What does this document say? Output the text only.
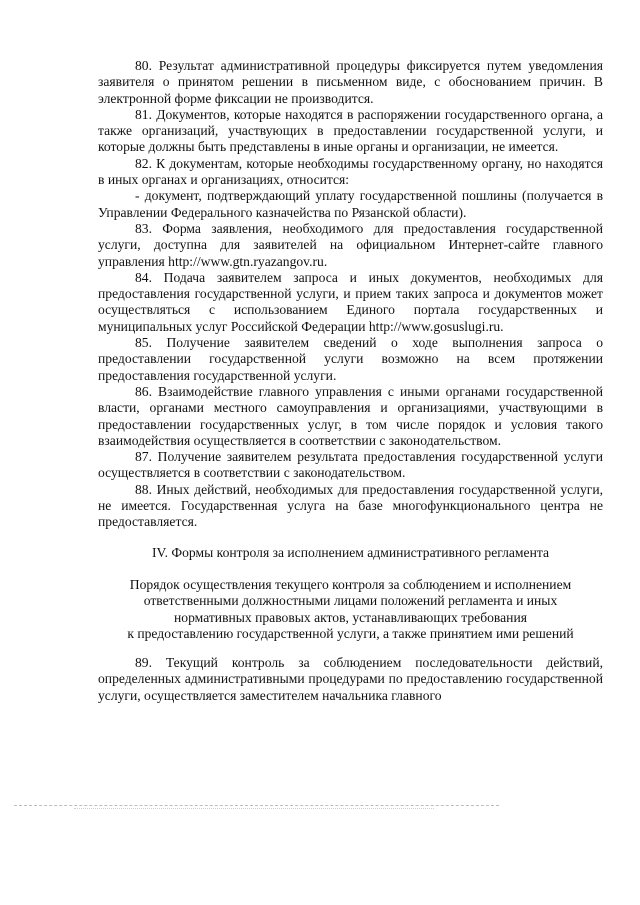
80. Результат административной процедуры фиксируется путем уведомления заявителя о принятом решении в письменном виде, с обоснованием причин. В электронной форме фиксации не производится.

81. Документов, которые находятся в распоряжении государственного органа, а также организаций, участвующих в предоставлении государственной услуги, и которые должны быть представлены в иные органы и организации, не имеется.

82. К документам, которые необходимы государственному органу, но находятся в иных органах и организациях, относится:

- документ, подтверждающий уплату государственной пошлины (получается в Управлении Федерального казначейства по Рязанской области).

83. Форма заявления, необходимого для предоставления государственной услуги, доступна для заявителей на официальном Интернет-сайте главного управления http://www.gtn.ryazangov.ru.

84. Подача заявителем запроса и иных документов, необходимых для предоставления государственной услуги, и прием таких запроса и документов может осуществляться с использованием Единого портала государственных и муниципальных услуг Российской Федерации http://www.gosuslugi.ru.

85. Получение заявителем сведений о ходе выполнения запроса о предоставлении государственной услуги возможно на всем протяжении предоставления государственной услуги.

86. Взаимодействие главного управления с иными органами государственной власти, органами местного самоуправления и организациями, участвующими в предоставлении государственных услуг, в том числе порядок и условия такого взаимодействия осуществляется в соответствии с законодательством.

87. Получение заявителем результата предоставления государственной услуги осуществляется в соответствии с законодательством.

88. Иных действий, необходимых для предоставления государственной услуги, не имеется. Государственная услуга на базе многофункционального центра не предоставляется.

IV. Формы контроля за исполнением административного регламента

Порядок осуществления текущего контроля за соблюдением и исполнением
ответственными должностными лицами положений регламента и иных
нормативных правовых актов, устанавливающих требования
к предоставлению государственной услуги, а также принятием ими решений

89. Текущий контроль за соблюдением последовательности действий, определенных административными процедурами по предоставлению государственной услуги, осуществляется заместителем начальника главного
